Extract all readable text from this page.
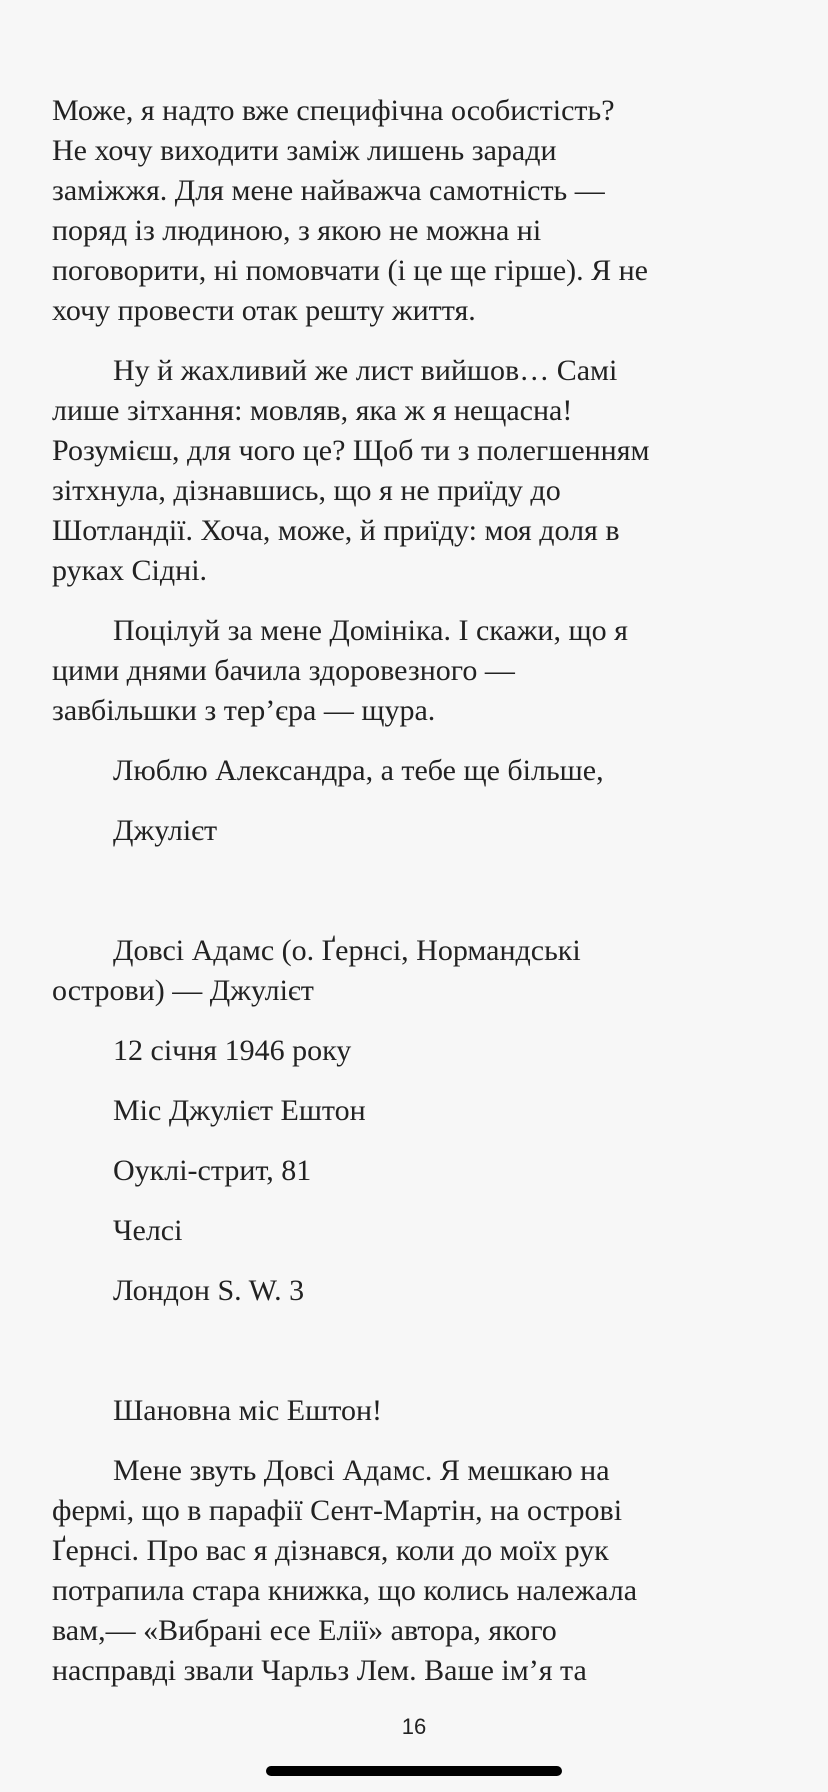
Може, я надто вже специфічна особистість?
Не хочу виходити заміж лишень заради
заміжжя. Для мене найважча самотність —
поряд із людиною, з якою не можна ні
поговорити, ні помовчати (і це ще гірше). Я не
хочу провести отак решту життя.
Ну й жахливий же лист вийшов… Самі
лише зітхання: мовляв, яка ж я нещасна!
Розумієш, для чого це? Щоб ти з полегшенням
зітхнула, дізнавшись, що я не приїду до
Шотландії. Хоча, може, й приїду: моя доля в
руках Сідні.
Поцілуй за мене Домініка. І скажи, що я
цими днями бачила здоровезного —
завбільшки з тер’єра — щура.
Люблю Александра, а тебе ще більше,
Джулієт
Довсі Адамс (о. Ґернсі, Нормандські
острови) — Джулієт
12 січня 1946 року
Міс Джулієт Ештон
Оуклі-стрит, 81
Челсі
Лондон S. W. 3
Шановна міс Ештон!
Мене звуть Довсі Адамс. Я мешкаю на
фермі, що в парафії Сент-Мартін, на острові
Ґернсі. Про вас я дізнався, коли до моїх рук
потрапила стара книжка, що колись належала
вам,— «Вибрані есе Елії» автора, якого
насправді звали Чарльз Лем. Ваше ім’я та
16
